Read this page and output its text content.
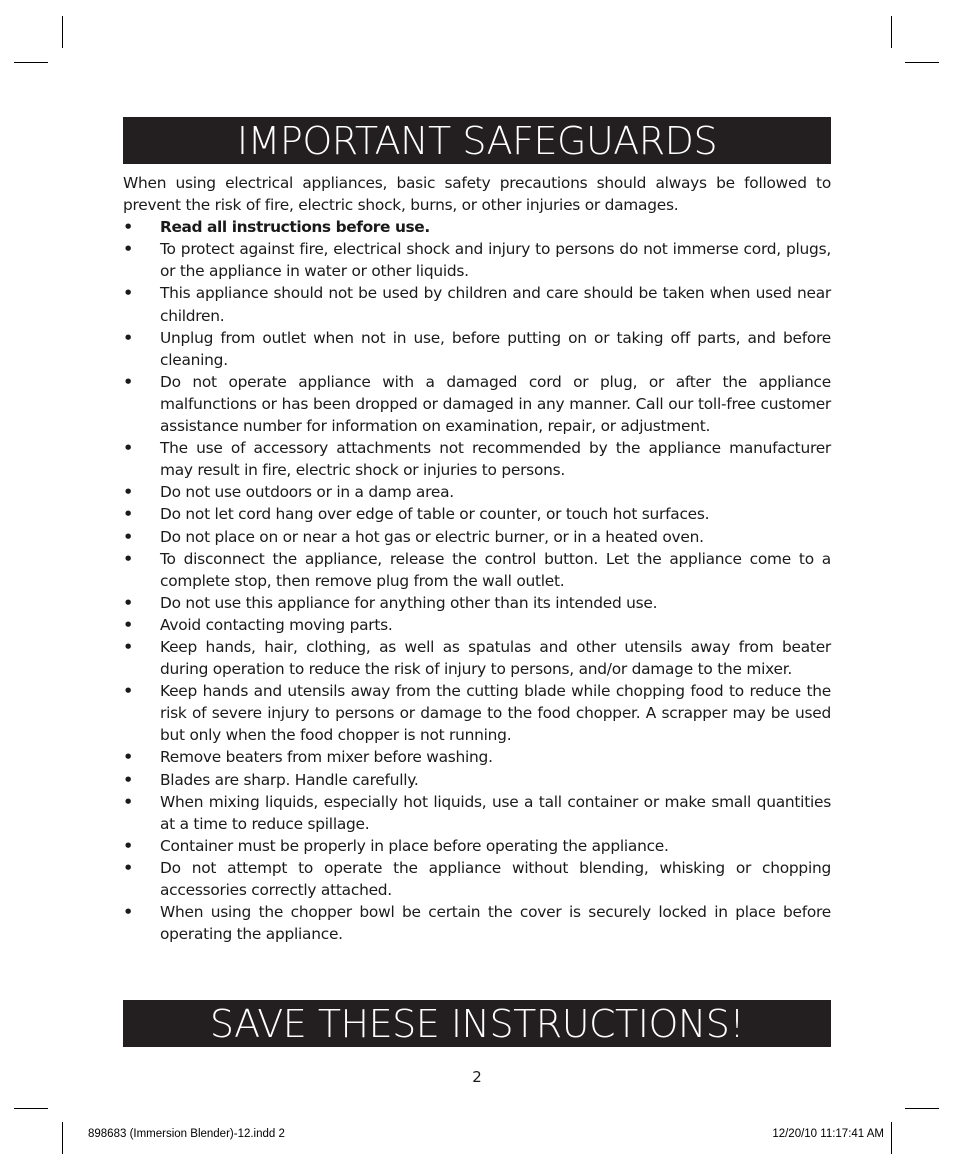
IMPORTANT SAFEGUARDS

When using electrical appliances, basic safety precautions should always be followed to prevent the risk of fire, electric shock, burns, or other injuries or damages.

• Read all instructions before use.
• To protect against fire, electrical shock and injury to persons do not immerse cord, plugs, or the appliance in water or other liquids.
• This appliance should not be used by children and care should be taken when used near children.
• Unplug from outlet when not in use, before putting on or taking off parts, and before cleaning.
• Do not operate appliance with a damaged cord or plug, or after the appliance malfunctions or has been dropped or damaged in any manner. Call our toll-free customer assistance number for information on examination, repair, or adjustment.
• The use of accessory attachments not recommended by the appliance manufacturer may result in fire, electric shock or injuries to persons.
• Do not use outdoors or in a damp area.
• Do not let cord hang over edge of table or counter, or touch hot surfaces.
• Do not place on or near a hot gas or electric burner, or in a heated oven.
• To disconnect the appliance, release the control button. Let the appliance come to a complete stop, then remove plug from the wall outlet.
• Do not use this appliance for anything other than its intended use.
• Avoid contacting moving parts.
• Keep hands, hair, clothing, as well as spatulas and other utensils away from beater during operation to reduce the risk of injury to persons, and/or damage to the mixer.
• Keep hands and utensils away from the cutting blade while chopping food to reduce the risk of severe injury to persons or damage to the food chopper. A scrapper may be used but only when the food chopper is not running.
• Remove beaters from mixer before washing.
• Blades are sharp. Handle carefully.
• When mixing liquids, especially hot liquids, use a tall container or make small quantities at a time to reduce spillage.
• Container must be properly in place before operating the appliance.
• Do not attempt to operate the appliance without blending, whisking or chopping accessories correctly attached.
• When using the chopper bowl be certain the cover is securely locked in place before operating the appliance.
SAVE THESE INSTRUCTIONS!
2
898683 (Immersion Blender)-12.indd 2	12/20/10 11:17:41 AM
